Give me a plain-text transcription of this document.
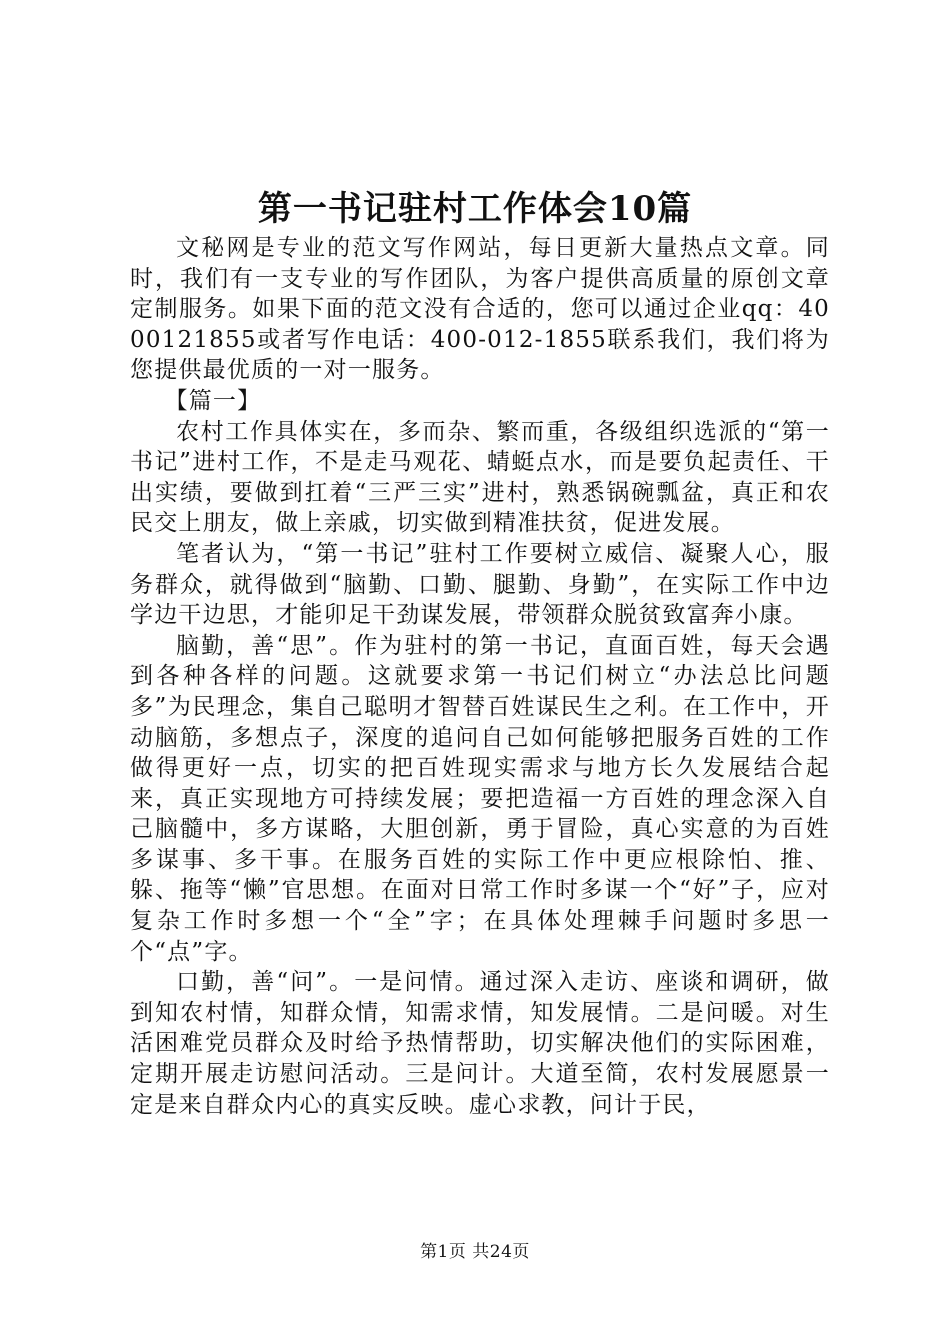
第一书记驻村工作体会10篇

文秘网是专业的范文写作网站，每日更新大量热点文章。同时，我们有一支专业的写作团队，为客户提供高质量的原创文章定制服务。如果下面的范文没有合适的，您可以通过企业qq：4000121855或者写作电话：400-012-1855联系我们，我们将为您提供最优质的一对一服务。

【篇一】

农村工作具体实在，多而杂、繁而重，各级组织选派的“第一书记”进村工作，不是走马观花、蜻蜓点水，而是要负起责任、干出实绩，要做到扛着“三严三实”进村，熟悉锅碗瓢盆，真正和农民交上朋友，做上亲戚，切实做到精准扶贫，促进发展。

笔者认为，“第一书记”驻村工作要树立威信、凝聚人心，服务群众，就得做到“脑勤、口勤、腿勤、身勤”，在实际工作中边学边干边思，才能卯足干劲谋发展，带领群众脱贫致富奔小康。

脑勤，善“思”。作为驻村的第一书记，直面百姓，每天会遇到各种各样的问题。这就要求第一书记们树立“办法总比问题多”为民理念，集自己聪明才智替百姓谋民生之利。在工作中，开动脑筋，多想点子，深度的追问自己如何能够把服务百姓的工作做得更好一点，切实的把百姓现实需求与地方长久发展结合起来，真正实现地方可持续发展；要把造福一方百姓的理念深入自己脑髓中，多方谋略，大胆创新，勇于冒险，真心实意的为百姓多谋事、多干事。在服务百姓的实际工作中更应根除怕、推、躲、拖等“懒”官思想。在面对日常工作时多谋一个“好”子，应对复杂工作时多想一个“全”字；在具体处理棘手问题时多思一个“点”字。

口勤，善“问”。一是问情。通过深入走访、座谈和调研，做到知农村情，知群众情，知需求情，知发展情。二是问暖。对生活困难党员群众及时给予热情帮助，切实解决他们的实际困难，定期开展走访慰问活动。三是问计。大道至简，农村发展愿景一定是来自群众内心的真实反映。虚心求教，问计于民，

第1页 共24页
